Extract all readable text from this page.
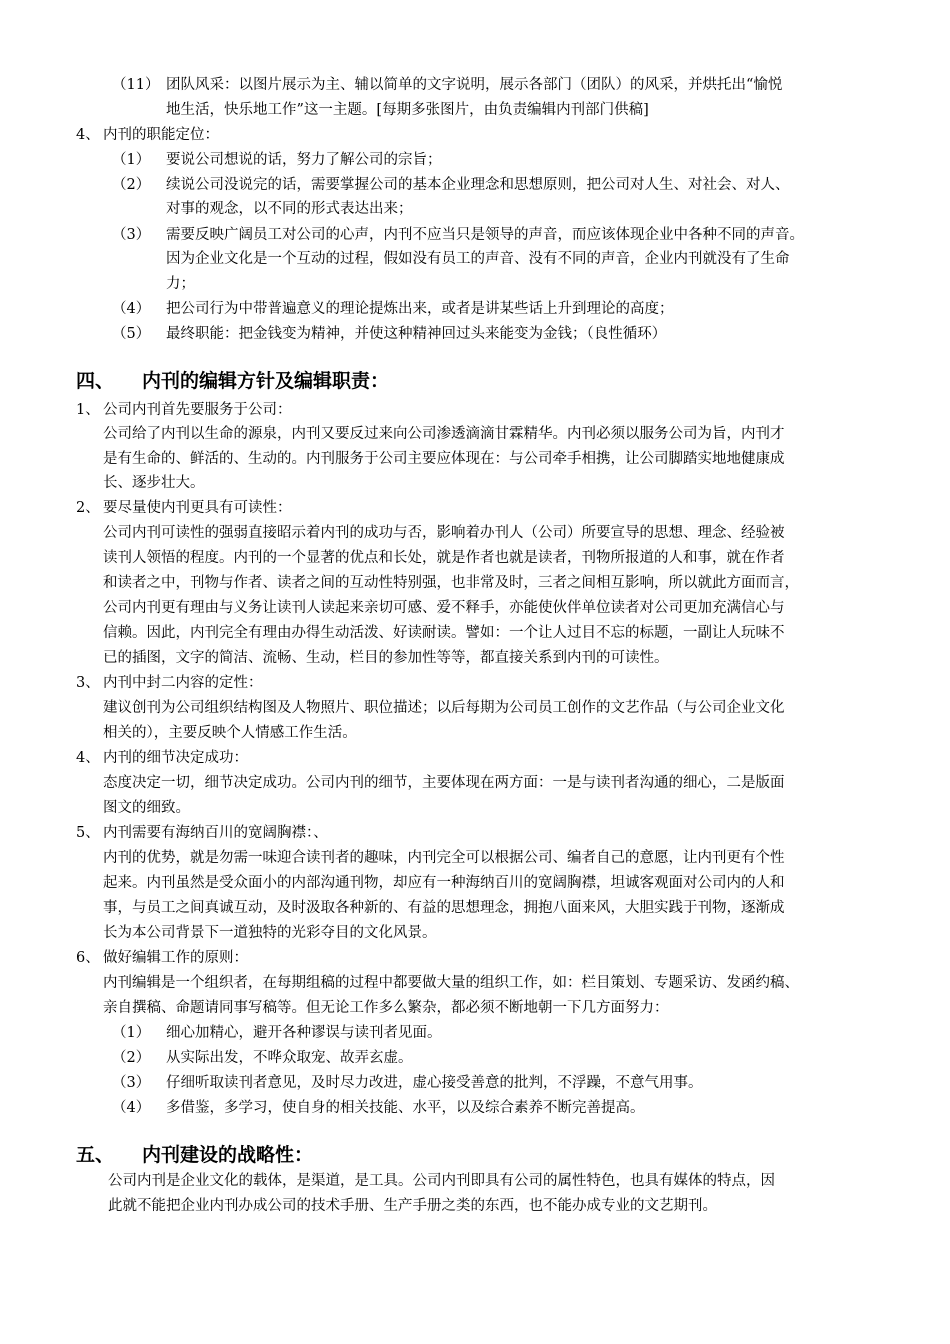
（11） 团队风采：以图片展示为主、辅以简单的文字说明，展示各部门（团队）的风采，并烘托出“愉悦
地生活，快乐地工作”这一主题。[每期多张图片，由负责编辑内刊部门供稿]
4、 内刊的职能定位：
（1） 要说公司想说的话，努力了解公司的宗旨；
（2） 续说公司没说完的话，需要掌握公司的基本企业理念和思想原则，把公司对人生、对社会、对人、
对事的观念，以不同的形式表达出来；
（3） 需要反映广阔员工对公司的心声，内刊不应当只是领导的声音，而应该体现企业中各种不同的声音。
因为企业文化是一个互动的过程，假如没有员工的声音、没有不同的声音，企业内刊就没有了生命
力；
（4） 把公司行为中带普遍意义的理论提炼出来，或者是讲某些话上升到理论的高度；
（5） 最终职能：把金钱变为精神，并使这种精神回过头来能变为金钱；（良性循环）
四、 内刊的编辑方针及编辑职责：
1、 公司内刊首先要服务于公司：
公司给了内刊以生命的源泉，内刊又要反过来向公司渗透滴滴甘霖精华。内刊必须以服务公司为旨，内刊才
是有生命的、鲜活的、生动的。内刊服务于公司主要应体现在：与公司牵手相携，让公司脚踏实地地健康成
长、逐步壮大。
2、 要尽量使内刊更具有可读性：
公司内刊可读性的强弱直接昭示着内刊的成功与否，影响着办刊人（公司）所要宣导的思想、理念、经验被
读刊人领悟的程度。内刊的一个显著的优点和长处，就是作者也就是读者，刊物所报道的人和事，就在作者
和读者之中，刊物与作者、读者之间的互动性特别强，也非常及时，三者之间相互影响，所以就此方面而言，
公司内刊更有理由与义务让读刊人读起来亲切可感、爱不释手，亦能使伙伴单位读者对公司更加充满信心与
信赖。因此，内刊完全有理由办得生动活泼、好读耐读。譬如：一个让人过目不忘的标题，一副让人玩味不
已的插图，文字的简洁、流畅、生动，栏目的参加性等等，都直接关系到内刊的可读性。
3、 内刊中封二内容的定性：
建议创刊为公司组织结构图及人物照片、职位描述；以后每期为公司员工创作的文艺作品（与公司企业文化
相关的），主要反映个人情感工作生活。
4、 内刊的细节决定成功：
态度决定一切，细节决定成功。公司内刊的细节，主要体现在两方面：一是与读刊者沟通的细心，二是版面
图文的细致。
5、 内刊需要有海纳百川的宽阔胸襟：、
内刊的优势，就是勿需一味迎合读刊者的趣味，内刊完全可以根据公司、编者自己的意愿，让内刊更有个性
起来。内刊虽然是受众面小的内部沟通刊物，却应有一种海纳百川的宽阔胸襟，坦诚客观面对公司内的人和
事，与员工之间真诚互动，及时汲取各种新的、有益的思想理念，拥抱八面来风，大胆实践于刊物，逐渐成
长为本公司背景下一道独特的光彩夺目的文化风景。
6、 做好编辑工作的原则：
内刊编辑是一个组织者，在每期组稿的过程中都要做大量的组织工作，如：栏目策划、专题采访、发函约稿、
亲自撰稿、命题请同事写稿等。但无论工作多么繁杂，都必须不断地朝一下几方面努力：
（1） 细心加精心，避开各种谬误与读刊者见面。
（2） 从实际出发，不哗众取宠、故弄玄虚。
（3） 仔细听取读刊者意见，及时尽力改进，虚心接受善意的批判，不浮躁，不意气用事。
（4） 多借鉴，多学习，使自身的相关技能、水平，以及综合素养不断完善提高。
五、 内刊建设的战略性：
公司内刊是企业文化的载体，是渠道，是工具。公司内刊即具有公司的属性特色，也具有媒体的特点，因
此就不能把企业内刊办成公司的技术手册、生产手册之类的东西，也不能办成专业的文艺期刊。
